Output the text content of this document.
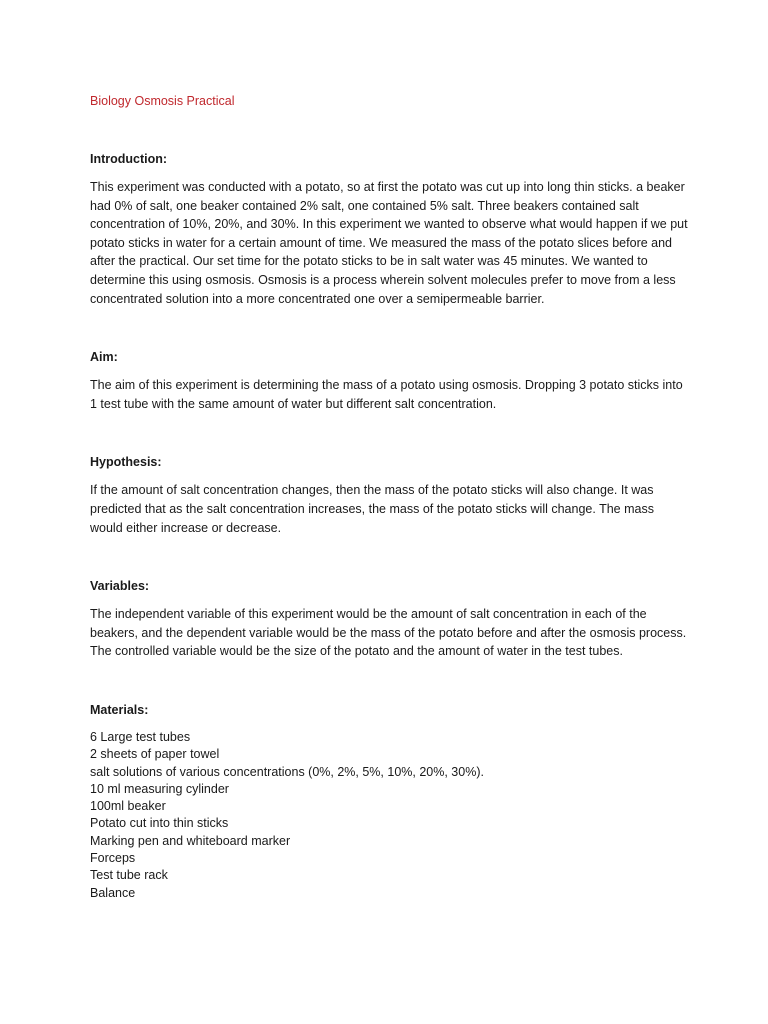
Biology Osmosis Practical

Introduction:

This experiment was conducted with a potato, so at first the potato was cut up into long thin sticks. a beaker had 0% of salt, one beaker contained 2% salt, one contained 5% salt. Three beakers contained salt concentration of 10%, 20%, and 30%. In this experiment we wanted to observe what would happen if we put potato sticks in water for a certain amount of time. We measured the mass of the potato slices before and after the practical. Our set time for the potato sticks to be in salt water was 45 minutes. We wanted to determine this using osmosis. Osmosis is a process wherein solvent molecules prefer to move from a less concentrated solution into a more concentrated one over a semipermeable barrier.

Aim:

The aim of this experiment is determining the mass of a potato using osmosis. Dropping 3 potato sticks into 1 test tube with the same amount of water but different salt concentration.

Hypothesis:

If the amount of salt concentration changes, then the mass of the potato sticks will also change. It was predicted that as the salt concentration increases, the mass of the potato sticks will change. The mass would either increase or decrease.

Variables:

The independent variable of this experiment would be the amount of salt concentration in each of the beakers, and the dependent variable would be the mass of the potato before and after the osmosis process. The controlled variable would be the size of the potato and the amount of water in the test tubes.

Materials:

6 Large test tubes
2 sheets of paper towel
salt solutions of various concentrations (0%, 2%, 5%, 10%, 20%, 30%).
10 ml measuring cylinder
100ml beaker
Potato cut into thin sticks
Marking pen and whiteboard marker
Forceps
Test tube rack
Balance
